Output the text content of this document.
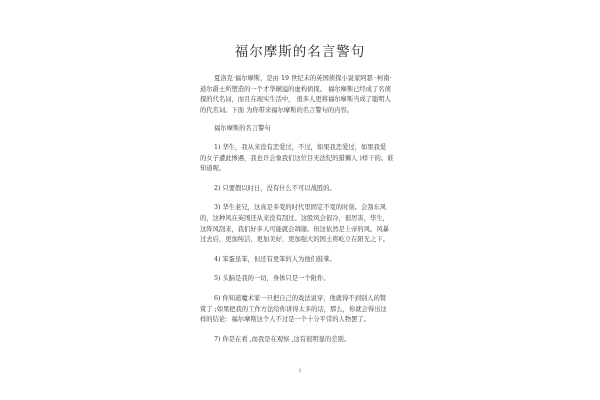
福尔摩斯的名言警句

夏洛克·福尔摩斯，是由 19 世纪末的英国侦探小说家阿瑟 ·柯南·

道尔爵士所塑造的一个才华横溢的虚构侦探。 福尔摩斯已经成了名侦

探的代名词，而且在现实生活中， 很多人更将福尔摩斯当成了聪明人

的代名词。下面 为你带来福尔摩斯的名言警句的内容。

福尔摩斯的名言警句

1) 华生，我从来没有恋爱过，不过，如果我恋爱过，如果我爱

的女子遭此惨遇，我也许会象我们这位目无法纪的猎狮人 )样干的。谁

知道呢。

2) 只要假以时日，没有什么不可以战胜的。

3) 华生老兄，这真是多变的时代里固定不变的时刻。会刮东风

的，这种风在英国还从来没有刮过。这股风会很冷，很厉害，华生，

这阵风刮来，我们好多人可能就会凋谢。但这依然是上帝的风。风暴

过去后，更加纯洁、更加美好、更加强大的国土将屹立在阳光之下。

4) 笨蛋虽笨，但还有更笨的人为他们鼓掌。

5) 头脑是我的一切，身体只是一个附件。

6) 你知道魔术家一旦把自己的戏法说穿，他就得不到别人的赞

赏了 ;如果把我的工作方法给你讲得太多的话，那么，你就会得出这

样的结论：福尔摩斯这个人不过是一个十分平常的人物罢了。

7) 你是在看 ,而我是在观察 ,这有很明显的差别。

1
